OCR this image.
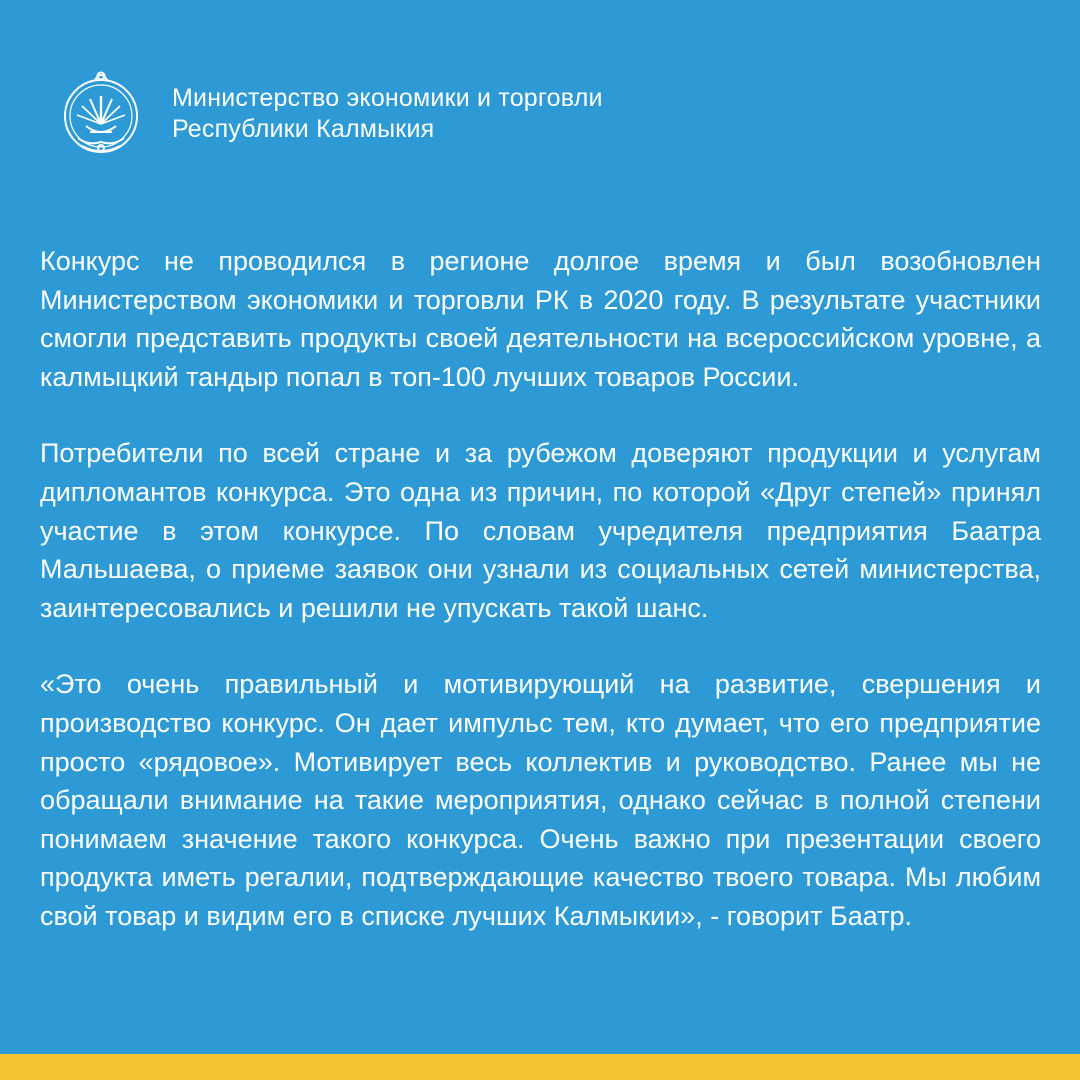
Министерство экономики и торговли
Республики Калмыкия

Конкурс не проводился в регионе долгое время и был возобновлен Министерством экономики и торговли РК в 2020 году. В результате участники смогли представить продукты своей деятельности на всероссийском уровне, а калмыцкий тандыр попал в топ-100 лучших товаров России.

Потребители по всей стране и за рубежом доверяют продукции и услугам дипломантов конкурса. Это одна из причин, по которой «Друг степей» принял участие в этом конкурсе. По словам учредителя предприятия Баатра Мальшаева, о приеме заявок они узнали из социальных сетей министерства, заинтересовались и решили не упускать такой шанс.

«Это очень правильный и мотивирующий на развитие, свершения и производство конкурс. Он дает импульс тем, кто думает, что его предприятие просто «рядовое». Мотивирует весь коллектив и руководство. Ранее мы не обращали внимание на такие мероприятия, однако сейчас в полной степени понимаем значение такого конкурса. Очень важно при презентации своего продукта иметь регалии, подтверждающие качество твоего товара. Мы любим свой товар и видим его в списке лучших Калмыкии», - говорит Баатр.
